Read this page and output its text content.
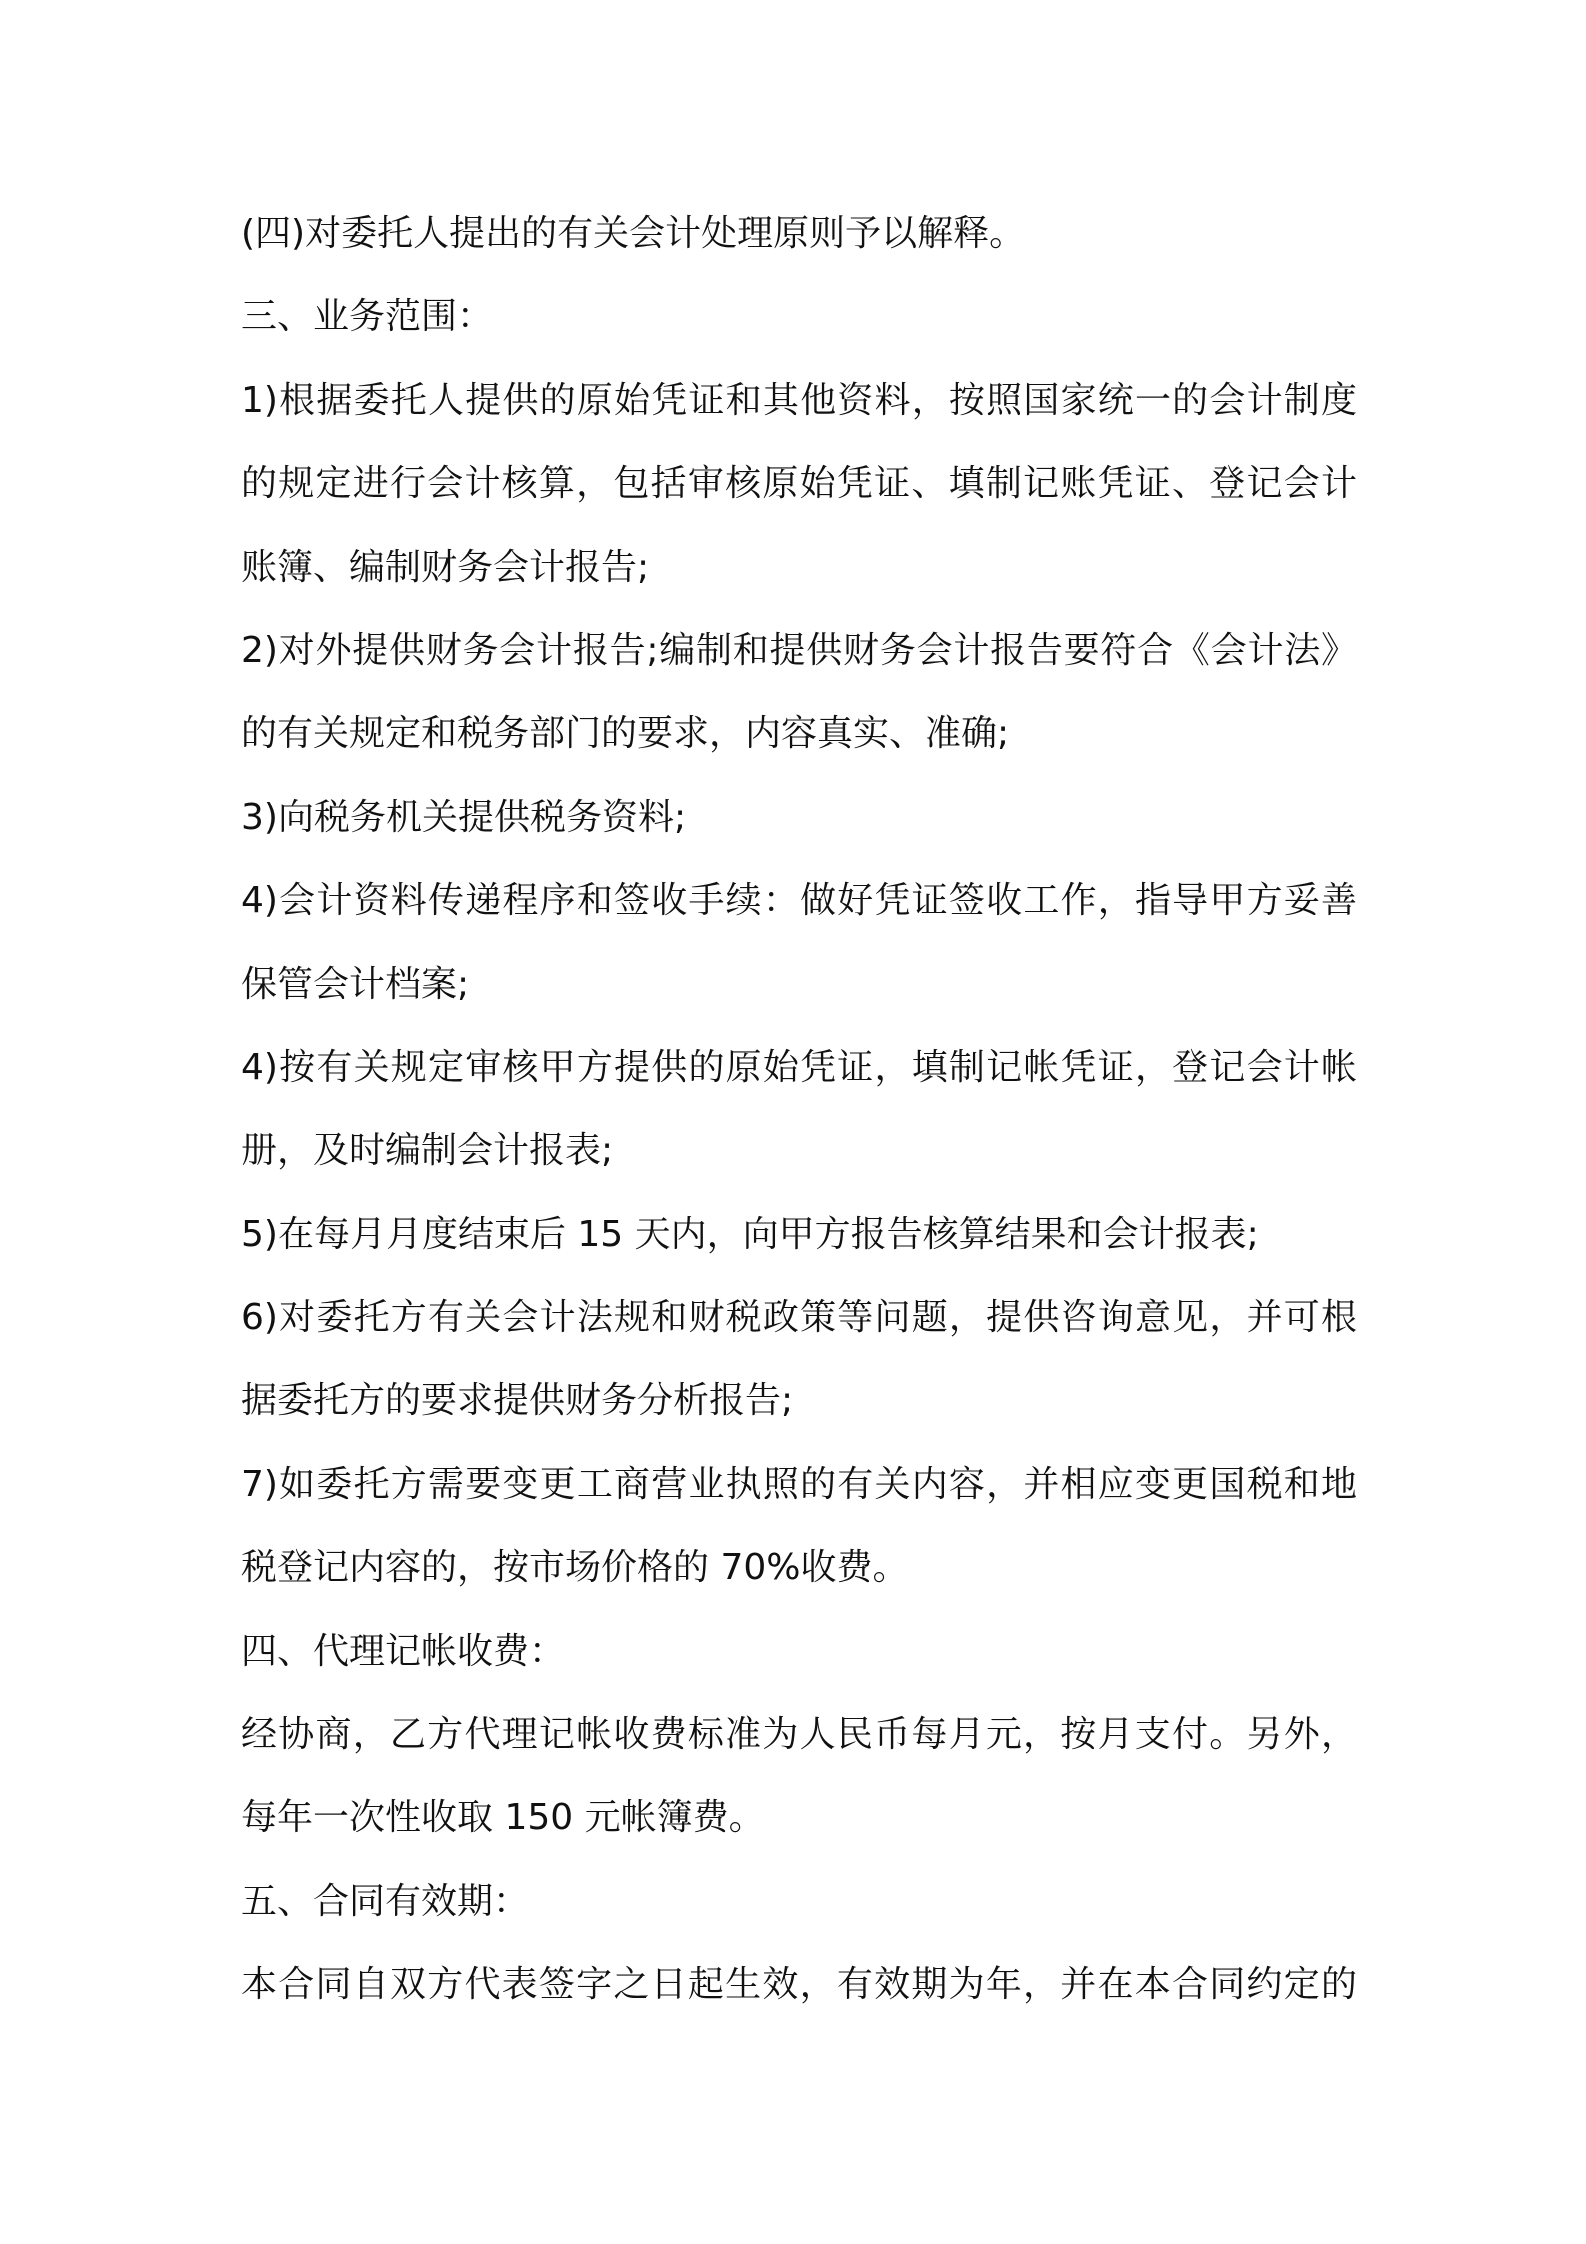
(四)对委托人提出的有关会计处理原则予以解释。
三、业务范围：
1)根据委托人提供的原始凭证和其他资料，按照国家统一的会计制度
的规定进行会计核算，包括审核原始凭证、填制记账凭证、登记会计
账簿、编制财务会计报告;
2)对外提供财务会计报告;编制和提供财务会计报告要符合《会计法》
的有关规定和税务部门的要求，内容真实、准确;
3)向税务机关提供税务资料;
4)会计资料传递程序和签收手续：做好凭证签收工作，指导甲方妥善
保管会计档案;
4)按有关规定审核甲方提供的原始凭证，填制记帐凭证，登记会计帐
册，及时编制会计报表;
5)在每月月度结束后 15 天内，向甲方报告核算结果和会计报表;
6)对委托方有关会计法规和财税政策等问题，提供咨询意见，并可根
据委托方的要求提供财务分析报告;
7)如委托方需要变更工商营业执照的有关内容，并相应变更国税和地
税登记内容的，按市场价格的 70%收费。
四、代理记帐收费：
经协商，乙方代理记帐收费标准为人民币每月元，按月支付。另外，
每年一次性收取 150 元帐簿费。
五、合同有效期：
本合同自双方代表签字之日起生效，有效期为年，并在本合同约定的
